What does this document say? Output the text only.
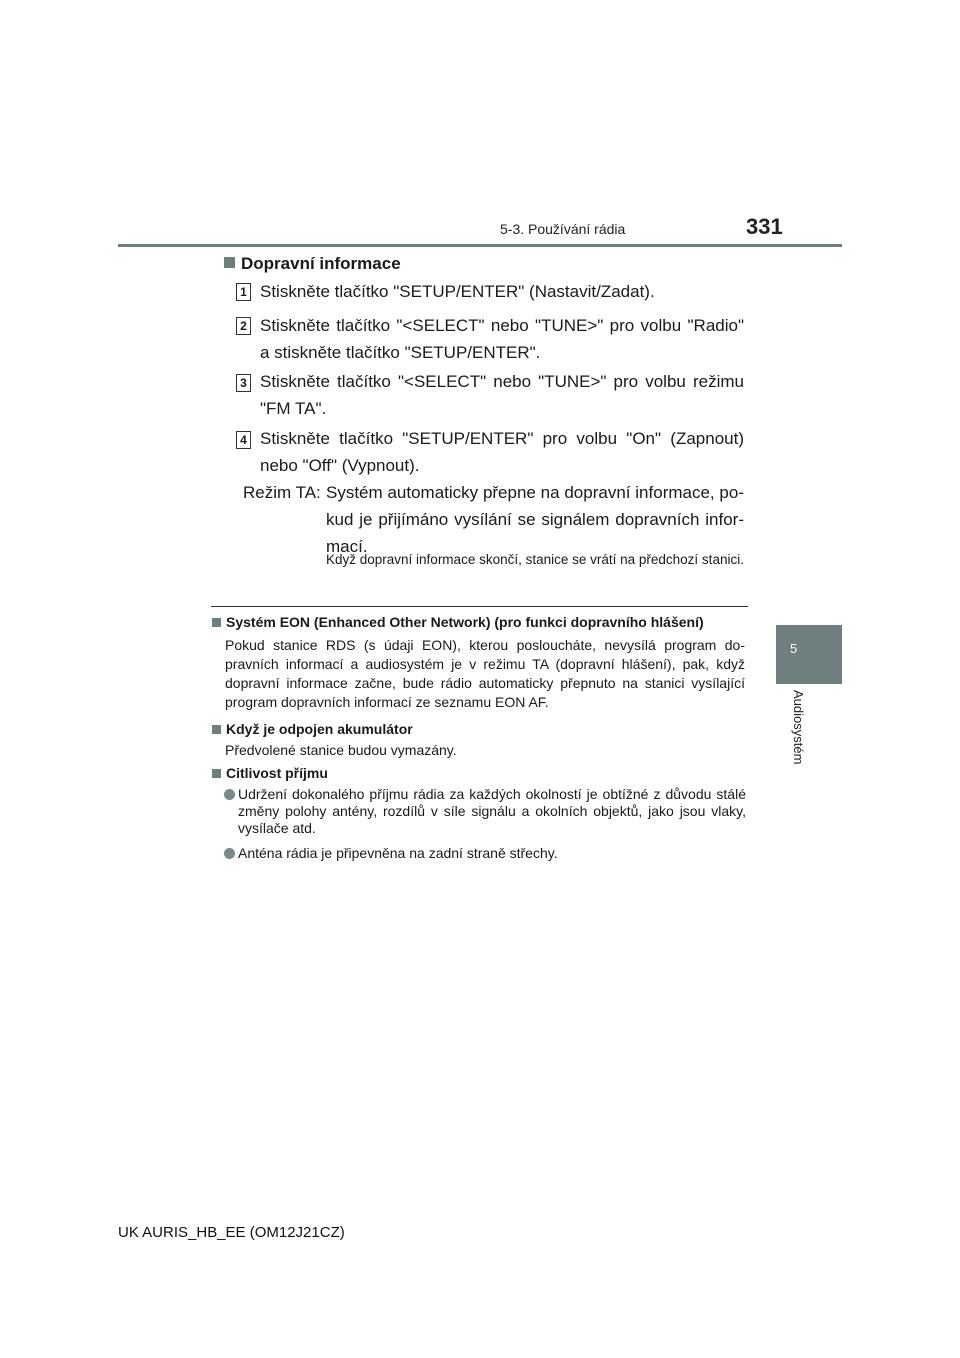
5-3. Používání rádia	331
5
Audiosystém
Dopravní informace
1 Stiskněte tlačítko "SETUP/ENTER" (Nastavit/Zadat).
2 Stiskněte tlačítko "<SELECT" nebo "TUNE>" pro volbu "Radio" a stiskněte tlačítko "SETUP/ENTER".
3 Stiskněte tlačítko "<SELECT" nebo "TUNE>" pro volbu režimu "FM TA".
4 Stiskněte tlačítko "SETUP/ENTER" pro volbu "On" (Zapnout) nebo "Off" (Vypnout).
Režim TA: Systém automaticky přepne na dopravní informace, po-kud je přijímáno vysílání se signálem dopravních infor-mací.
Když dopravní informace skončí, stanice se vrátí na předchozí stanici.
Systém EON (Enhanced Other Network) (pro funkci dopravního hlášení)
Pokud stanice RDS (s údaji EON), kterou posloucháte, nevysílá program do-pravních informací a audiosystém je v režimu TA (dopravní hlášení), pak, když dopravní informace začne, bude rádio automaticky přepnuto na stanici vysílající program dopravních informací ze seznamu EON AF.
Když je odpojen akumulátor
Předvolené stanice budou vymazány.
Citlivost příjmu
Udržení dokonalého příjmu rádia za každých okolností je obtížné z důvodu stálé změny polohy antény, rozdílů v síle signálu a okolních objektů, jako jsou vlaky, vysílače atd.
Anténa rádia je připevněna na zadní straně střechy.
UK AURIS_HB_EE (OM12J21CZ)
